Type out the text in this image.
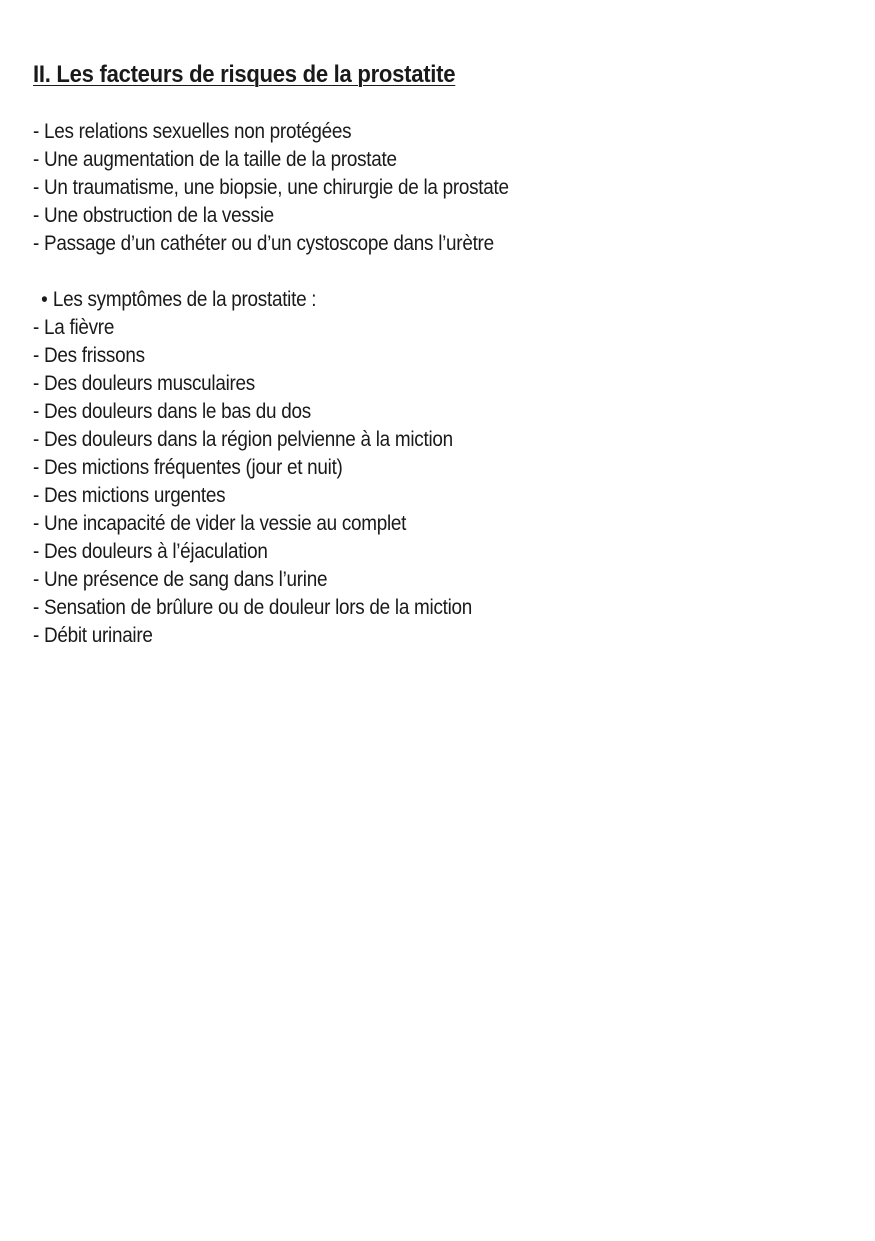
II. Les facteurs de risques de la prostatite
- Les relations sexuelles non protégées
- Une augmentation de la taille de la prostate
- Un traumatisme, une biopsie, une chirurgie de la prostate
- Une obstruction de la vessie
- Passage d’un cathéter ou d’un cystoscope dans l’urètre
• Les symptômes de la prostatite :
- La fièvre
- Des frissons
- Des douleurs musculaires
- Des douleurs dans le bas du dos
- Des douleurs dans la région pelvienne à la miction
- Des mictions fréquentes (jour et nuit)
- Des mictions urgentes
- Une incapacité de vider la vessie au complet
- Des douleurs à l’éjaculation
- Une présence de sang dans l’urine
- Sensation de brûlure ou de douleur lors de la miction
- Débit urinaire
